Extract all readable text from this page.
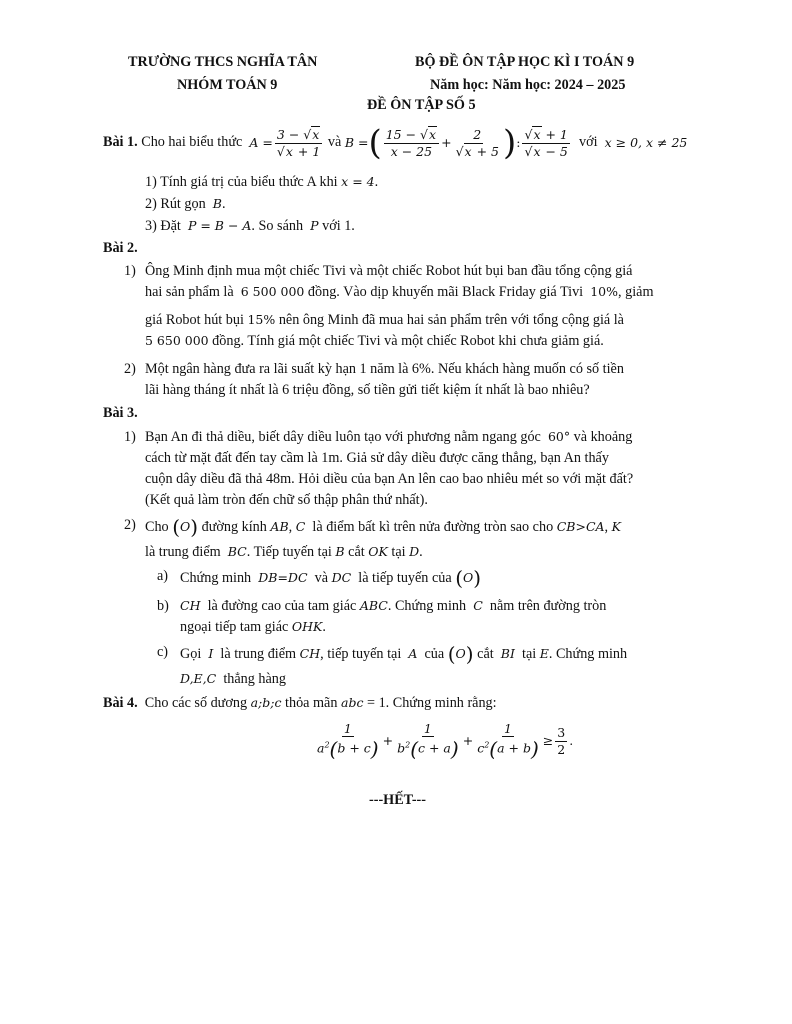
TRƯỜNG THCS NGHĨA TÂN
NHÓM TOÁN 9
BỘ ĐỀ ÔN TẬP HỌC KÌ I TOÁN 9
Năm học: Năm học: 2024 – 2025
ĐỀ ÔN TẬP SỐ 5
Bài 1.
Cho hai biểu thức
$A = \frac{3 - √x}{√x + 1}$
và
B = ( $\frac{15 - √x}{x - 25} + \frac{2}{√x + 5}$ ) : $\frac{√x + 1}{√x - 5}$
với
x ≥ 0, x ≠ 25
1) Tính giá trị của biểu thức A khi x = 4.
2) Rút gọn B.
3) Đặt P = B − A. So sánh P với 1.
Bài 2.
1) Ông Minh định mua một chiếc Tivi và một chiếc Robot hút bụi ban đầu tổng cộng giá
hai sản phẩm là 6 500 000 đồng. Vào dịp khuyến mãi Black Friday giá Tivi 10%, giảm
giá Robot hút bụi 15% nên ông Minh đã mua hai sản phẩm trên với tổng cộng giá là
5 650 000 đồng. Tính giá một chiếc Tivi và một chiếc Robot khi chưa giảm giá.
2) Một ngân hàng đưa ra lãi suất kỳ hạn 1 năm là 6%. Nếu khách hàng muốn có số tiền
lãi hàng tháng ít nhất là 6 triệu đồng, số tiền gửi tiết kiệm ít nhất là bao nhiêu?
Bài 3.
1) Bạn An đi thả diều, biết dây diều luôn tạo với phương nằm ngang góc 60° và khoảng
cách từ mặt đất đến tay cầm là 1m. Giả sử dây diều được căng thẳng, bạn An thấy
cuộn dây diều đã thả 48m. Hỏi diều của bạn An lên cao bao nhiêu mét so với mặt đất?
(Kết quả làm tròn đến chữ số thập phân thứ nhất).
2) Cho (O) đường kính AB, C là điểm bất kì trên nửa đường tròn sao cho CB>CA, K
là trung điểm BC. Tiếp tuyến tại B cắt OK tại D.
a) Chứng minh DB=DC và DC là tiếp tuyến của (O)
b) CH là đường cao của tam giác ABC. Chứng minh C nằm trên đường tròn
ngoại tiếp tam giác OHK.
c) Gọi I là trung điểm CH, tiếp tuyến tại A của (O) cắt BI tại E. Chứng minh
D,E,C thẳng hàng
Bài 4. Cho các số dương a;b;c thỏa mãn abc = 1. Chứng minh rằng:
$\frac{1}{a^2(b + c)} + \frac{1}{b^2(c + a)} + \frac{1}{c^2(a + b)} \ge \frac{3}{2}$ .
---HẾT---
